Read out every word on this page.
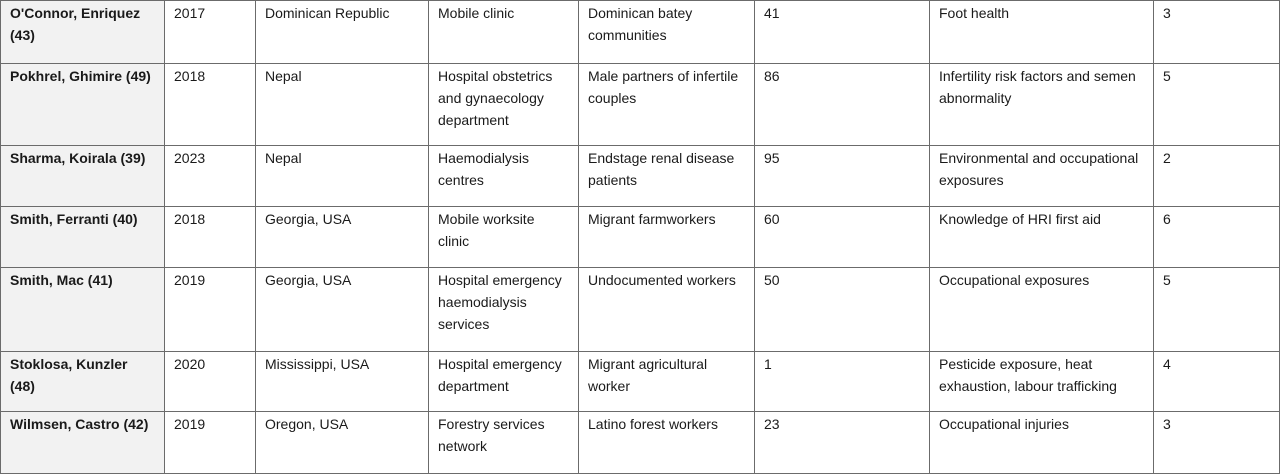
O'Connor, Enriquez (43)	2017	Dominican Republic	Mobile clinic	Dominican batey communities	41	Foot health	3
Pokhrel, Ghimire (49)	2018	Nepal	Hospital obstetrics and gynaecology department	Male partners of infertile couples	86	Infertility risk factors and semen abnormality	5
Sharma, Koirala (39)	2023	Nepal	Haemodialysis centres	Endstage renal disease patients	95	Environmental and occupational exposures	2
Smith, Ferranti (40)	2018	Georgia, USA	Mobile worksite clinic	Migrant farmworkers	60	Knowledge of HRI first aid	6
Smith, Mac (41)	2019	Georgia, USA	Hospital emergency haemodialysis services	Undocumented workers	50	Occupational exposures	5
Stoklosa, Kunzler (48)	2020	Mississippi, USA	Hospital emergency department	Migrant agricultural worker	1	Pesticide exposure, heat exhaustion, labour trafficking	4
Wilmsen, Castro (42)	2019	Oregon, USA	Forestry services network	Latino forest workers	23	Occupational injuries	3
